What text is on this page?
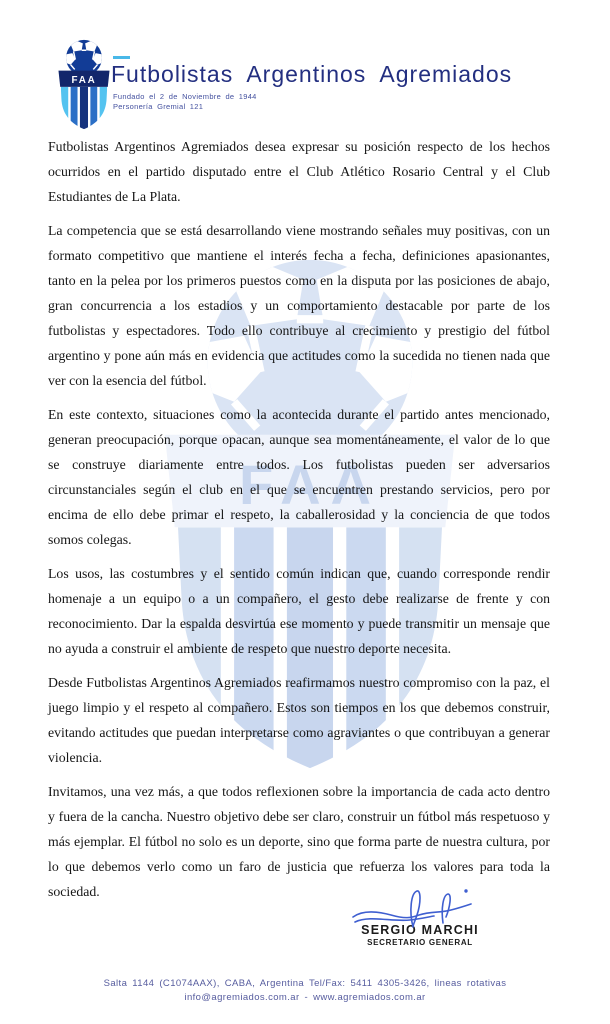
FAA Futbolistas Argentinos Agremiados
Fundado el 2 de Noviembre de 1944
Personería Gremial 121
FAA

Futbolistas Argentinos Agremiados desea expresar su posición respecto de los hechos ocurridos en el partido disputado entre el Club Atlético Rosario Central y el Club Estudiantes de La Plata.

La competencia que se está desarrollando viene mostrando señales muy positivas, con un formato competitivo que mantiene el interés fecha a fecha, definiciones apasionantes, tanto en la pelea por los primeros puestos como en la disputa por las posiciones de abajo, gran concurrencia a los estadios y un comportamiento destacable por parte de los futbolistas y espectadores. Todo ello contribuye al crecimiento y prestigio del fútbol argentino y pone aún más en evidencia que actitudes como la sucedida no tienen nada que ver con la esencia del fútbol.

En este contexto, situaciones como la acontecida durante el partido antes mencionado, generan preocupación, porque opacan, aunque sea momentáneamente, el valor de lo que se construye diariamente entre todos. Los futbolistas pueden ser adversarios circunstanciales según el club en el que se encuentren prestando servicios, pero por encima de ello debe primar el respeto, la caballerosidad y la conciencia de que todos somos colegas.

Los usos, las costumbres y el sentido común indican que, cuando corresponde rendir homenaje a un equipo o a un compañero, el gesto debe realizarse de frente y con reconocimiento. Dar la espalda desvirtúa ese momento y puede transmitir un mensaje que no ayuda a construir el ambiente de respeto que nuestro deporte necesita.

Desde Futbolistas Argentinos Agremiados reafirmamos nuestro compromiso con la paz, el juego limpio y el respeto al compañero. Estos son tiempos en los que debemos construir, evitando actitudes que puedan interpretarse como agraviantes o que contribuyan a generar violencia.

Invitamos, una vez más, a que todos reflexionen sobre la importancia de cada acto dentro y fuera de la cancha. Nuestro objetivo debe ser claro, construir un fútbol más respetuoso y más ejemplar. El fútbol no solo es un deporte, sino que forma parte de nuestra cultura, por lo que debemos verlo como un faro de justicia que refuerza los valores para toda la sociedad.

SERGIO MARCHI
SECRETARIO GENERAL
Salta 1144 (C1074AAX), CABA, Argentina Tel/Fax: 5411 4305-3426, lineas rotativas
info@agremiados.com.ar - www.agremiados.com.ar
